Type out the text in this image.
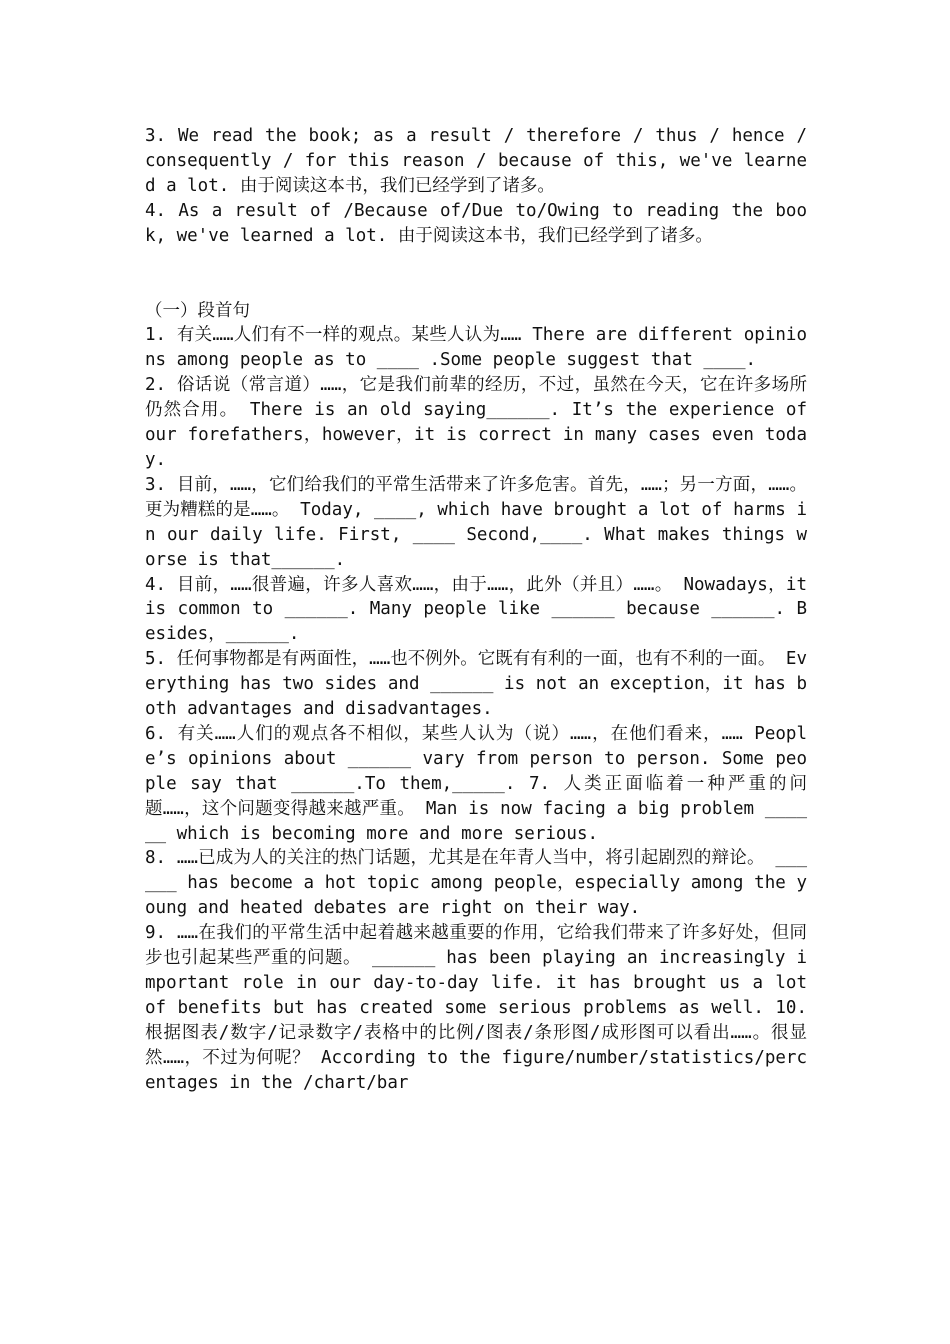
3. We read the book; as a result / therefore / thus / hence / consequently / for this reason / because of this, we've learned a lot. 由于阅读这本书，我们已经学到了诸多。

4. As a result of /Because of/Due to/Owing to reading the book, we've learned a lot. 由于阅读这本书，我们已经学到了诸多。

（一）段首句

1. 有关……人们有不一样的观点。某些人认为…… There are different opinions among people as to ____ .Some people suggest that ____.

2. 俗话说（常言道）……，它是我们前辈的经历，不过，虽然在今天，它在许多场所仍然合用。 There is an old saying______. It’s the experience of our forefathers，however，it is correct in many cases even today.

3. 目前，……，它们给我们的平常生活带来了许多危害。首先，……；另一方面，……。更为糟糕的是……。 Today, ____, which have brought a lot of harms in our daily life. First, ____ Second,____. What makes things worse is that______.

4. 目前，……很普遍，许多人喜欢……，由于……，此外（并且）……。 Nowadays，it is common to ______. Many people like ______ because ______. Besides，______.

5. 任何事物都是有两面性，……也不例外。它既有有利的一面，也有不利的一面。 Everything has two sides and ______ is not an exception，it has both advantages and disadvantages.

6. 有关……人们的观点各不相似，某些人认为（说）……，在他们看来，…… People’s opinions about ______ vary from person to person. Some people say that ______.To them,_____. 7. 人类正面临着一种严重的问题……，这个问题变得越来越严重。 Man is now facing a big problem ______ which is becoming more and more serious.

8. ……已成为人的关注的热门话题，尤其是在年青人当中，将引起剧烈的辩论。 ______ has become a hot topic among people，especially among the young and heated debates are right on their way.

9. ……在我们的平常生活中起着越来越重要的作用，它给我们带来了许多好处，但同步也引起某些严重的问题。 ______ has been playing an increasingly important role in our day-to-day life. it has brought us a lot of benefits but has created some serious problems as well. 10. 根据图表/数字/记录数字/表格中的比例/图表/条形图/成形图可以看出……。很显然……，不过为何呢？ According to the figure/number/statistics/percentages in the /chart/bar
